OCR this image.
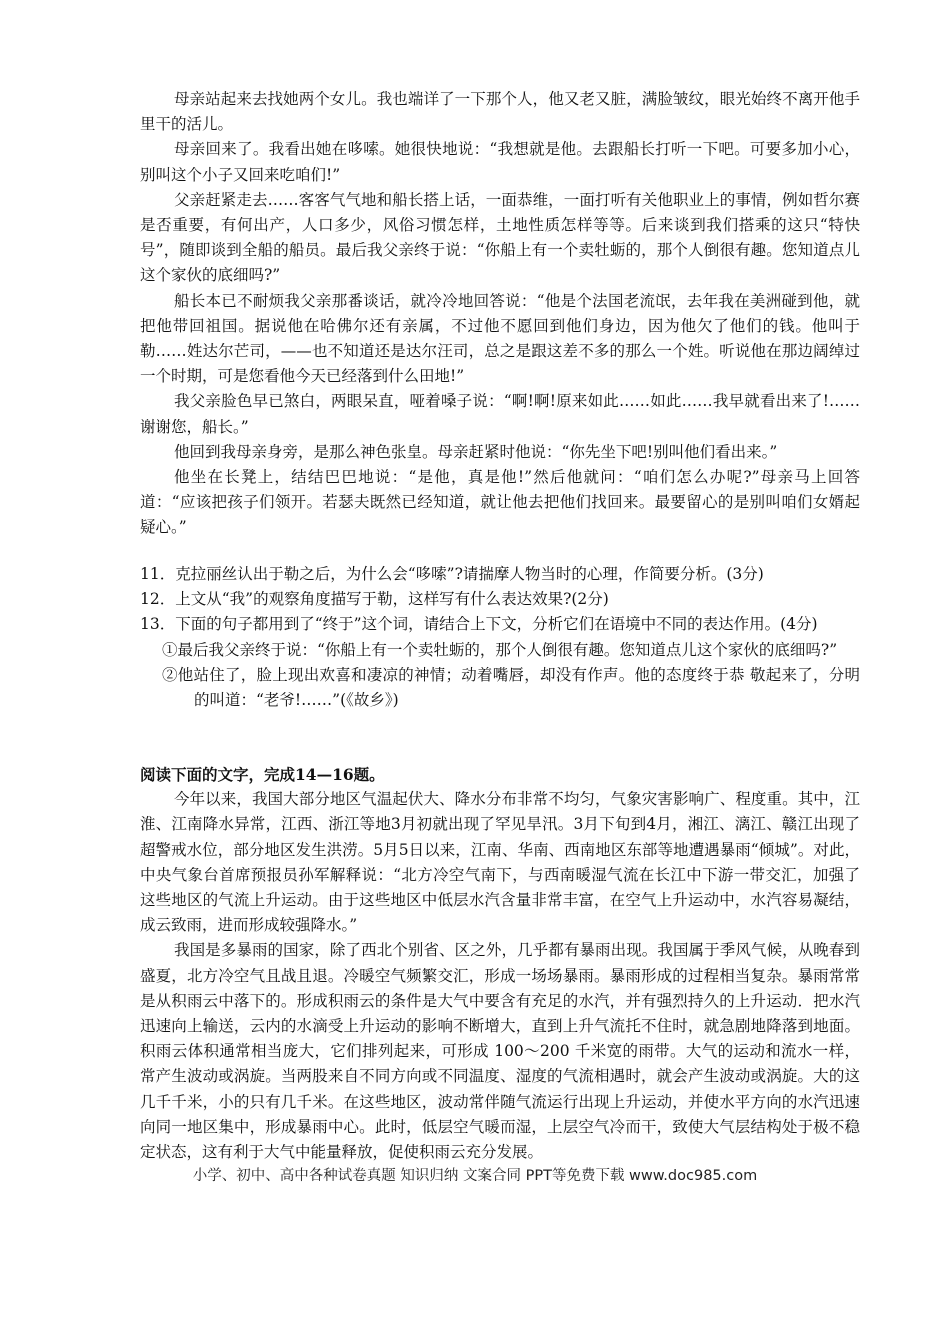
母亲站起来去找她两个女儿。我也端详了一下那个人，他又老又脏，满脸皱纹，眼光始终不离开他手里干的活儿。

母亲回来了。我看出她在哆嗦。她很快地说：“我想就是他。去跟船长打听一下吧。可要多加小心，别叫这个小子又回来吃咱们!”

父亲赶紧走去……客客气气地和船长搭上话，一面恭维，一面打听有关他职业上的事情，例如哲尔赛是否重要，有何出产，人口多少，风俗习惯怎样，土地性质怎样等等。后来谈到我们搭乘的这只“特快号”，随即谈到全船的船员。最后我父亲终于说：“你船上有一个卖牡蛎的，那个人倒很有趣。您知道点儿这个家伙的底细吗?”

船长本已不耐烦我父亲那番谈话，就冷冷地回答说：“他是个法国老流氓，去年我在美洲碰到他，就把他带回祖国。据说他在哈佛尔还有亲属，不过他不愿回到他们身边，因为他欠了他们的钱。他叫于勒……姓达尔芒司，——也不知道还是达尔汪司，总之是跟这差不多的那么一个姓。听说他在那边阔绰过一个时期，可是您看他今天已经落到什么田地!”

我父亲脸色早已煞白，两眼呆直，哑着嗓子说：“啊!啊!原来如此……如此……我早就看出来了!……谢谢您，船长。”

他回到我母亲身旁，是那么神色张皇。母亲赶紧时他说：“你先坐下吧!别叫他们看出来。”

他坐在长凳上，结结巴巴地说：“是他，真是他!”然后他就问：“咱们怎么办呢?”母亲马上回答道：“应该把孩子们领开。若瑟夫既然已经知道，就让他去把他们找回来。最要留心的是别叫咱们女婿起疑心。”

11．克拉丽丝认出于勒之后，为什么会“哆嗦”?请揣摩人物当时的心理，作简要分析。(3分)

12．上文从“我”的观察角度描写于勒，这样写有什么表达效果?(2分)

13．下面的句子都用到了“终于”这个词，请结合上下文，分析它们在语境中不同的表达作用。(4分)

①最后我父亲终于说：“你船上有一个卖牡蛎的，那个人倒很有趣。您知道点儿这个家伙的底细吗?”

②他站住了，脸上现出欢喜和凄凉的神情；动着嘴唇，却没有作声。他的态度终于恭 敬起来了，分明的叫道：“老爷!……”(《故乡》)

阅读下面的文字，完成14—16题。

今年以来，我国大部分地区气温起伏大、降水分布非常不均匀，气象灾害影响广、程度重。其中，江淮、江南降水异常，江西、浙江等地3月初就出现了罕见旱汛。3月下旬到4月，湘江、漓江、赣江出现了超警戒水位，部分地区发生洪涝。5月5日以来，江南、华南、西南地区东部等地遭遇暴雨“倾城”。对此，中央气象台首席预报员孙军解释说：“北方冷空气南下，与西南暖湿气流在长江中下游一带交汇，加强了这些地区的气流上升运动。由于这些地区中低层水汽含量非常丰富，在空气上升运动中，水汽容易凝结，成云致雨，进而形成较强降水。”

我国是多暴雨的国家，除了西北个别省、区之外，几乎都有暴雨出现。我国属于季风气候，从晚春到盛夏，北方冷空气且战且退。冷暖空气频繁交汇，形成一场场暴雨。暴雨形成的过程相当复杂。暴雨常常是从积雨云中落下的。形成积雨云的条件是大气中要含有充足的水汽，并有强烈持久的上升运动．把水汽迅速向上输送，云内的水滴受上升运动的影响不断增大，直到上升气流托不住时，就急剧地降落到地面。积雨云体积通常相当庞大，它们排列起来，可形成 100～200 千米宽的雨带。大气的运动和流水一样，常产生波动或涡旋。当两股来自不同方向或不同温度、湿度的气流相遇时，就会产生波动或涡旋。大的这几千千米，小的只有几千米。在这些地区，波动常伴随气流运行出现上升运动，并使水平方向的水汽迅速向同一地区集中，形成暴雨中心。此时，低层空气暖而湿，上层空气冷而干，致使大气层结构处于极不稳定状态，这有利于大气中能量释放，促使积雨云充分发展。

小学、初中、高中各种试卷真题 知识归纳 文案合同 PPT等免费下载 www.doc985.com
